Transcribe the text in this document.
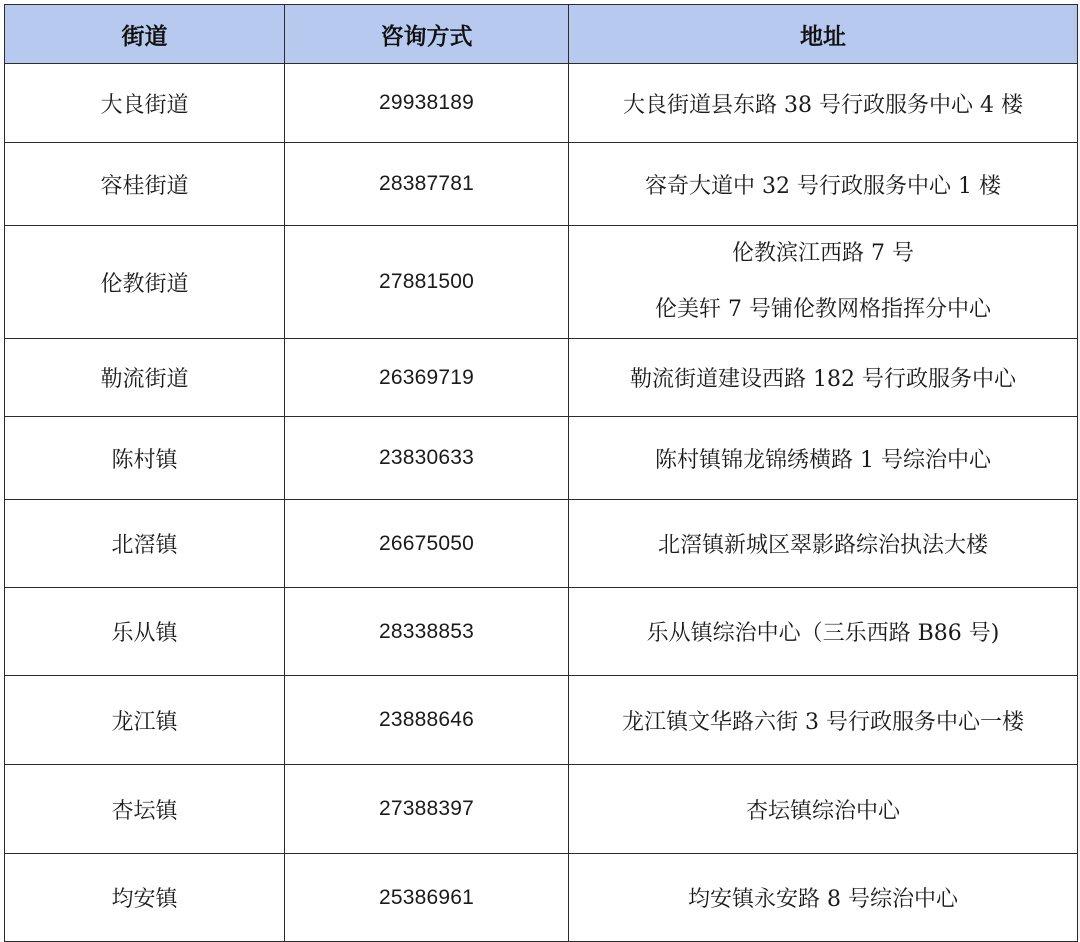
街道	咨询方式	地址
大良街道	29938189	大良街道县东路 38 号行政服务中心 4 楼
容桂街道	28387781	容奇大道中 32 号行政服务中心 1 楼
伦教街道	27881500	伦教滨江西路 7 号
伦美轩 7 号铺伦教网格指挥分中心

勒流街道	26369719	勒流街道建设西路 182 号行政服务中心
陈村镇	23830633	陈村镇锦龙锦绣横路 1 号综治中心
北滘镇	26675050	北滘镇新城区翠影路综治执法大楼
乐从镇	28338853	乐从镇综治中心（三乐西路 B86 号)
龙江镇	23888646	龙江镇文华路六街 3 号行政服务中心一楼
杏坛镇	27388397	杏坛镇综治中心
均安镇	25386961	均安镇永安路 8 号综治中心
